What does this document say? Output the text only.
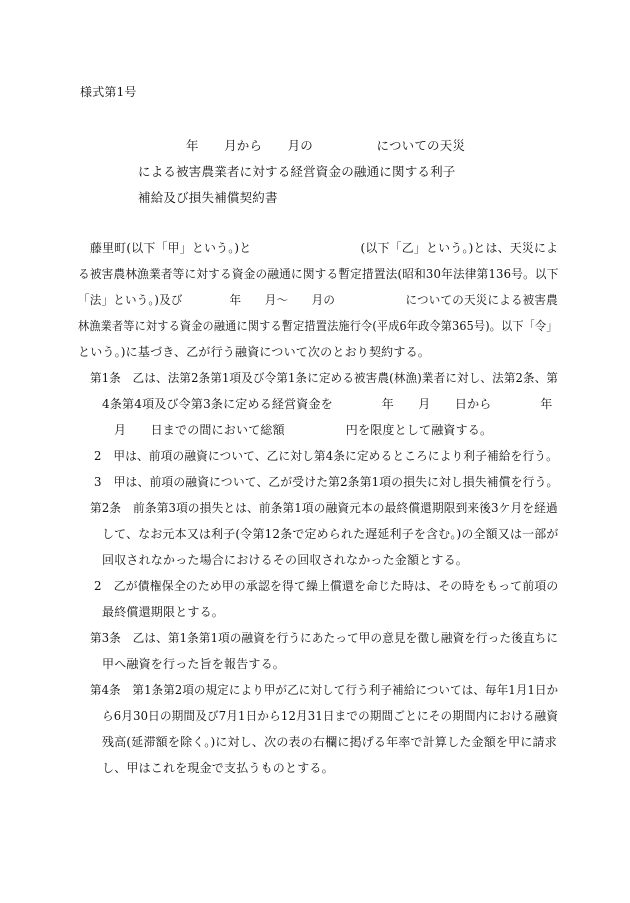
様式第1号
年　　月から　　月の　　　　　についての天災
による被害農業者に対する経営資金の融通に関する利子
補給及び損失補償契約書
藤里町(以下「甲」という。)と　　　　　　　　　(以下「乙」という。)とは、天災によ
る被害農林漁業者等に対する資金の融通に関する暫定措置法(昭和30年法律第136号。以下
「法」という。)及び　　　　年　　月～　　月の　　　　　　についての天災による被害農
林漁業者等に対する資金の融通に関する暫定措置法施行令(平成6年政令第365号)。以下「令」
という。)に基づき、乙が行う融資について次のとおり契約する。
第1条　乙は、法第2条第1項及び令第1条に定める被害農(林漁)業者に対し、法第2条、第
4条第4項及び令第3条に定める経営資金を　　　　年　　月　　日から　　　　年
月　　日までの間において総額　　　　　円を限度として融資する。
2　甲は、前項の融資について、乙に対し第4条に定めるところにより利子補給を行う。
3　甲は、前項の融資について、乙が受けた第2条第1項の損失に対し損失補償を行う。
第2条　前条第3項の損失とは、前条第1項の融資元本の最終償還期限到来後3ケ月を経過
して、なお元本又は利子(令第12条で定められた遅延利子を含む。)の全額又は一部が
回収されなかった場合におけるその回収されなかった金額とする。
2　乙が債権保全のため甲の承認を得て繰上償還を命じた時は、その時をもって前項の
最終償還期限とする。
第3条　乙は、第1条第1項の融資を行うにあたって甲の意見を徴し融資を行った後直ちに
甲へ融資を行った旨を報告する。
第4条　第1条第2項の規定により甲が乙に対して行う利子補給については、毎年1月1日か
ら6月30日の期間及び7月1日から12月31日までの期間ごとにその期間内における融資
残高(延滞額を除く。)に対し、次の表の右欄に掲げる年率で計算した金額を甲に請求
し、甲はこれを現金で支払うものとする。
